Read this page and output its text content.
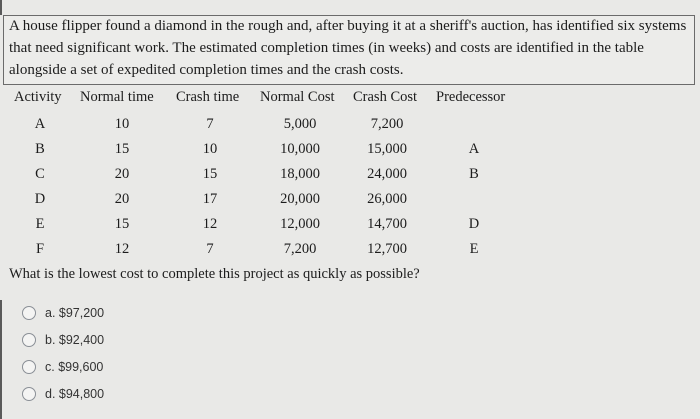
A house flipper found a diamond in the rough and, after buying it at a sheriff's auction, has identified six systems
that need significant work. The estimated completion times (in weeks) and costs are identified in the table
alongside a set of expedited completion times and the crash costs.
Activity Normal time Crash time Normal Cost Crash Cost Predecessor
A	10	7	5,000	7,200
B	15	10	10,000	15,000	A
C	20	15	18,000	24,000	B
D	20	17	20,000	26,000
E	15	12	12,000	14,700	D
F	12	7	7,200	12,700	E
What is the lowest cost to complete this project as quickly as possible?
a. $97,200
b. $92,400
c. $99,600
d. $94,800
